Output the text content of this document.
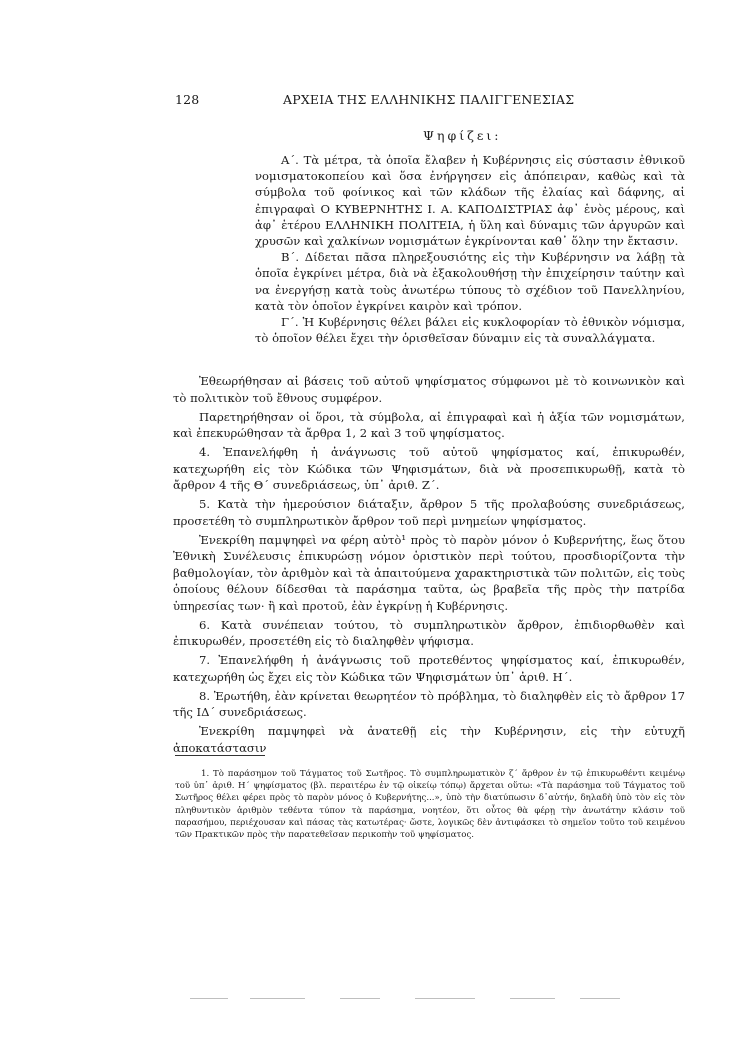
128	ΑΡΧΕΙΑ ΤΗΣ ΕΛΛΗΝΙΚΗΣ ΠΑΛΙΓΓΕΝΕΣΙΑΣ
Ψηφίζει:

Α΄. Τὰ μέτρα, τὰ ὁποῖα ἔλαβεν ἡ Κυβέρνησις εἰς σύστασιν ἐθνικοῦ νομισματοκοπείου καὶ ὅσα ἐνήργησεν εἰς ἀπόπειραν, καθὼς καὶ τὰ σύμβολα τοῦ φοίνικος καὶ τῶν κλάδων τῆς ἐλαίας καὶ δάφνης, αἱ ἐπιγραφαὶ Ο ΚΥΒΕΡΝΗΤΗΣ Ι. Α. ΚΑΠΟΔΙΣΤΡΙΑΣ ἀφ᾽ ἑνὸς μέρους, καὶ ἀφ᾽ ἑτέρου ΕΛΛΗΝΙΚΗ ΠΟΛΙΤΕΙΑ, ἡ ὕλη καὶ δύναμις τῶν ἀργυρῶν καὶ χρυσῶν καὶ χαλκίνων νομισμάτων ἐγκρίνονται καθ᾽ ὅλην την ἔκτασιν.

Β΄. Δίδεται πᾶσα πληρεξουσιότης εἰς τὴν Κυβέρνησιν να λάβῃ τὰ ὁποῖα ἐγκρίνει μέτρα, διὰ νὰ ἐξακολουθήσῃ τὴν ἐπιχείρησιν ταύτην καὶ να ἐνεργήσῃ κατὰ τοὺς ἀνωτέρω τύπους τὸ σχέδιον τοῦ Πανελληνίου, κατὰ τὸν ὁποῖον ἐγκρίνει καιρὸν καὶ τρόπον.

Γ΄. Ἡ Κυβέρνησις θέλει βάλει εἰς κυκλοφορίαν τὸ ἐθνικὸν νόμισμα, τὸ ὁποῖον θέλει ἔχει τὴν ὁρισθεῖσαν δύναμιν εἰς τὰ συναλλάγματα.

Ἐθεωρήθησαν αἱ βάσεις τοῦ αὐτοῦ ψηφίσματος σύμφωνοι μὲ τὸ κοινωνικὸν καὶ τὸ πολιτικὸν τοῦ ἔθνους συμφέρον.

Παρετηρήθησαν οἱ ὅροι, τὰ σύμβολα, αἱ ἐπιγραφαὶ καὶ ἡ ἀξία τῶν νομισμάτων, καὶ ἐπεκυρώθησαν τὰ ἄρθρα 1, 2 καὶ 3 τοῦ ψηφίσματος.

4. Ἐπανελήφθη ἡ ἀνάγνωσις τοῦ αὐτοῦ ψηφίσματος καί, ἐπικυρωθέν, κατεχωρήθη εἰς τὸν Κώδικα τῶν Ψηφισμάτων, διὰ νὰ προσεπικυρωθῇ, κατὰ τὸ ἄρθρον 4 τῆς Θ΄ συνεδριάσεως, ὑπ᾽ ἀριθ. Ζ΄.

5. Κατὰ τὴν ἡμερούσιον διάταξιν, ἄρθρον 5 τῆς προλαβούσης συνεδριάσεως, προσετέθη τὸ συμπληρωτικὸν ἄρθρον τοῦ περὶ μνημείων ψηφίσματος.

Ἐνεκρίθη παμψηφεὶ να φέρη αὐτὸ¹ πρὸς τὸ παρὸν μόνον ὁ Κυβερνήτης, ἕως ὅτου Ἐθνικὴ Συνέλευσις ἐπικυρώσῃ νόμον ὁριστικὸν περὶ τούτου, προσδιορίζοντα τὴν βαθμολογίαν, τὸν ἀριθμὸν καὶ τὰ ἀπαιτούμενα χαρακτηριστικὰ τῶν πολιτῶν, εἰς τοὺς ὁποίους θέλουν δίδεσθαι τὰ παράσημα ταῦτα, ὡς βραβεῖα τῆς πρὸς τὴν πατρίδα ὑπηρεσίας των· ἢ καὶ προτοῦ, ἐὰν ἐγκρίνῃ ἡ Κυβέρνησις.

6. Κατὰ συνέπειαν τούτου, τὸ συμπληρωτικὸν ἄρθρον, ἐπιδιορθωθὲν καὶ ἐπικυρωθέν, προσετέθη εἰς τὸ διαληφθὲν ψήφισμα.

7. Ἐπανελήφθη ἡ ἀνάγνωσις τοῦ προτεθέντος ψηφίσματος καί, ἐπικυρωθέν, κατεχωρήθη ὡς ἔχει εἰς τὸν Κώδικα τῶν Ψηφισμάτων ὑπ᾽ ἀριθ. Η΄.

8. Ἐρωτήθη, ἐὰν κρίνεται θεωρητέον τὸ πρόβλημα, τὸ διαληφθὲν εἰς τὸ ἄρθρον 17 τῆς ΙΔ΄ συνεδριάσεως.

Ἐνεκρίθη παμψηφεὶ νὰ ἀνατεθῇ εἰς τὴν Κυβέρνησιν, εἰς τὴν εὐτυχῆ ἀποκατάστασιν

1. Τὸ παράσημον τοῦ Τάγματος τοῦ Σωτῆρος. Τὸ συμπληρωματικὸν ζ΄ ἄρθρον ἐν τῷ ἐπικυρωθέντι κειμένῳ τοῦ ὑπ᾽ ἀριθ. Η΄ ψηφίσματος (βλ. περαιτέρω ἐν τῷ οἰκείῳ τόπῳ) ἄρχεται οὕτω: «Τὰ παράσημα τοῦ Τάγματος τοῦ Σωτῆρος θέλει φέρει πρὸς τὸ παρὸν μόνος ὁ Κυβερνήτης...», ὑπὸ τὴν διατύπωσιν δ᾽αὐτήν, δηλαδὴ ὑπὸ τὸν εἰς τὸν πληθυντικὸν ἀριθμὸν τεθέντα τύπον τὰ παράσημα, νοητέον, ὅτι οὗτος θὰ φέρῃ τὴν ἀνωτάτην κλάσιν τοῦ παρασήμου, περιέχουσαν καὶ πάσας τὰς κατωτέρας· ὥστε, λογικῶς δὲν ἀντιφάσκει τὸ σημεῖον τοῦτο τοῦ κειμένου τῶν Πρακτικῶν πρὸς τὴν παρατεθεῖσαν περικοπὴν τοῦ ψηφίσματος.
